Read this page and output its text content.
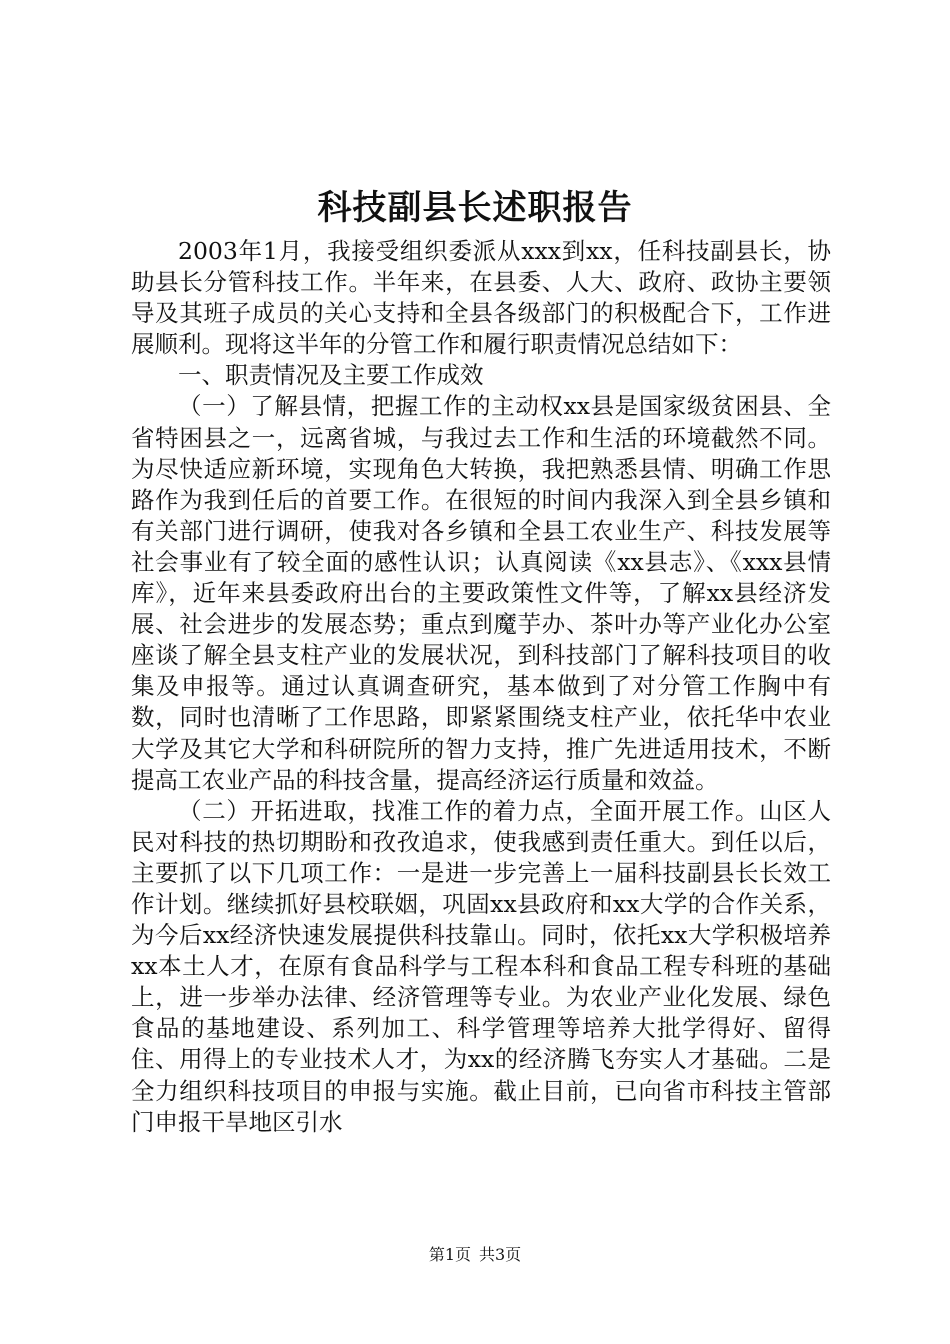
科技副县长述职报告

2003年1月，我接受组织委派从xxx到xx，任科技副县长，协助县长分管科技工作。半年来，在县委、人大、政府、政协主要领导及其班子成员的关心支持和全县各级部门的积极配合下，工作进展顺利。现将这半年的分管工作和履行职责情况总结如下：

一、职责情况及主要工作成效

（一）了解县情，把握工作的主动权xx县是国家级贫困县、全省特困县之一，远离省城，与我过去工作和生活的环境截然不同。为尽快适应新环境，实现角色大转换，我把熟悉县情、明确工作思路作为我到任后的首要工作。在很短的时间内我深入到全县乡镇和有关部门进行调研，使我对各乡镇和全县工农业生产、科技发展等社会事业有了较全面的感性认识；认真阅读《xx县志》、《xxx县情库》，近年来县委政府出台的主要政策性文件等，了解xx县经济发展、社会进步的发展态势；重点到魔芋办、茶叶办等产业化办公室座谈了解全县支柱产业的发展状况，到科技部门了解科技项目的收集及申报等。通过认真调查研究，基本做到了对分管工作胸中有数，同时也清晰了工作思路，即紧紧围绕支柱产业，依托华中农业大学及其它大学和科研院所的智力支持，推广先进适用技术，不断提高工农业产品的科技含量，提高经济运行质量和效益。

（二）开拓进取，找准工作的着力点，全面开展工作。山区人民对科技的热切期盼和孜孜追求，使我感到责任重大。到任以后，主要抓了以下几项工作：一是进一步完善上一届科技副县长长效工作计划。继续抓好县校联姻，巩固xx县政府和xx大学的合作关系，为今后xx经济快速发展提供科技靠山。同时，依托xx大学积极培养xx本土人才，在原有食品科学与工程本科和食品工程专科班的基础上，进一步举办法律、经济管理等专业。为农业产业化发展、绿色食品的基地建设、系列加工、科学管理等培养大批学得好、留得住、用得上的专业技术人才，为xx的经济腾飞夯实人才基础。二是全力组织科技项目的申报与实施。截止目前，已向省市科技主管部门申报干旱地区引水

第1页 共3页
